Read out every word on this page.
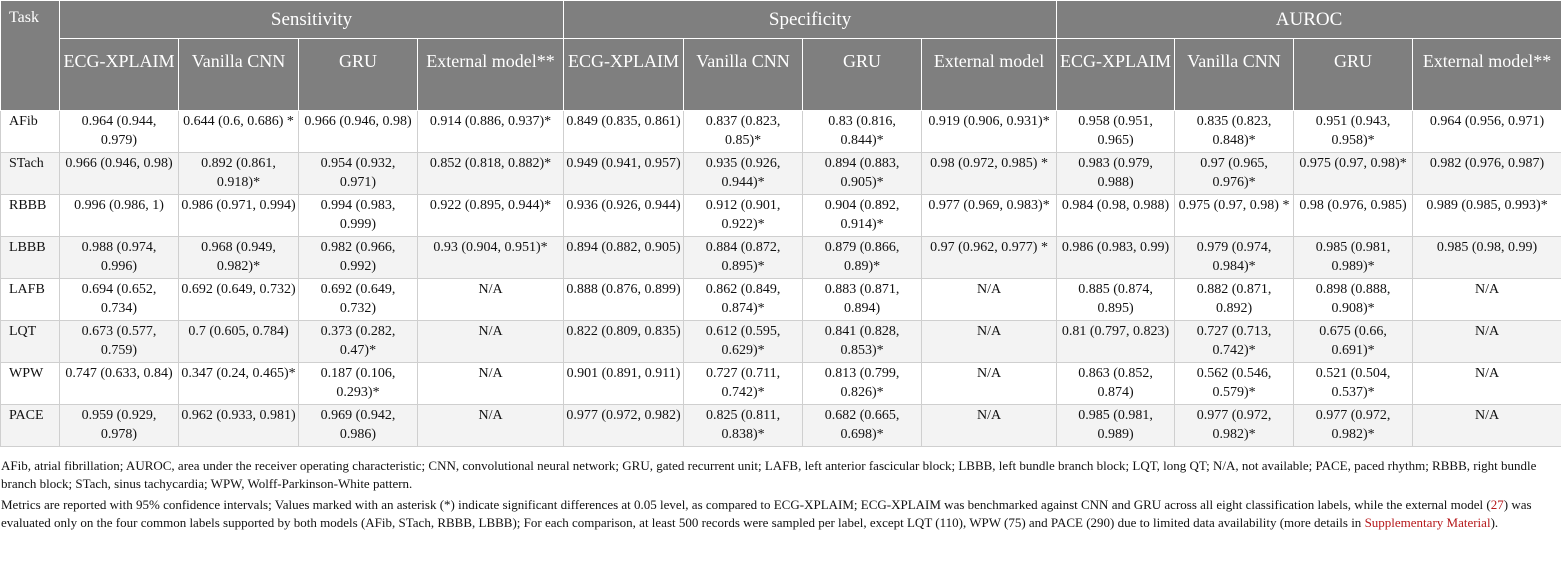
Task	Sensitivity				Specificity				AUROC			
	ECG-XPLAIM	Vanilla CNN	GRU	External model**	ECG-XPLAIM	Vanilla CNN	GRU	External model	ECG-XPLAIM	Vanilla CNN	GRU	External model**
AFib	0.964 (0.944, 0.979)	0.644 (0.6, 0.686) *	0.966 (0.946, 0.98)	0.914 (0.886, 0.937)*	0.849 (0.835, 0.861)	0.837 (0.823, 0.85)*	0.83 (0.816, 0.844)*	0.919 (0.906, 0.931)*	0.958 (0.951, 0.965)	0.835 (0.823, 0.848)*	0.951 (0.943, 0.958)*	0.964 (0.956, 0.971)
STach	0.966 (0.946, 0.98)	0.892 (0.861, 0.918)*	0.954 (0.932, 0.971)	0.852 (0.818, 0.882)*	0.949 (0.941, 0.957)	0.935 (0.926, 0.944)*	0.894 (0.883, 0.905)*	0.98 (0.972, 0.985) *	0.983 (0.979, 0.988)	0.97 (0.965, 0.976)*	0.975 (0.97, 0.98)*	0.982 (0.976, 0.987)
RBBB	0.996 (0.986, 1)	0.986 (0.971, 0.994)	0.994 (0.983, 0.999)	0.922 (0.895, 0.944)*	0.936 (0.926, 0.944)	0.912 (0.901, 0.922)*	0.904 (0.892, 0.914)*	0.977 (0.969, 0.983)*	0.984 (0.98, 0.988)	0.975 (0.97, 0.98) *	0.98 (0.976, 0.985)	0.989 (0.985, 0.993)*
LBBB	0.988 (0.974, 0.996)	0.968 (0.949, 0.982)*	0.982 (0.966, 0.992)	0.93 (0.904, 0.951)*	0.894 (0.882, 0.905)	0.884 (0.872, 0.895)*	0.879 (0.866, 0.89)*	0.97 (0.962, 0.977) *	0.986 (0.983, 0.99)	0.979 (0.974, 0.984)*	0.985 (0.981, 0.989)*	0.985 (0.98, 0.99)
LAFB	0.694 (0.652, 0.734)	0.692 (0.649, 0.732)	0.692 (0.649, 0.732)	N/A	0.888 (0.876, 0.899)	0.862 (0.849, 0.874)*	0.883 (0.871, 0.894)	N/A	0.885 (0.874, 0.895)	0.882 (0.871, 0.892)	0.898 (0.888, 0.908)*	N/A
LQT	0.673 (0.577, 0.759)	0.7 (0.605, 0.784)	0.373 (0.282, 0.47)*	N/A	0.822 (0.809, 0.835)	0.612 (0.595, 0.629)*	0.841 (0.828, 0.853)*	N/A	0.81 (0.797, 0.823)	0.727 (0.713, 0.742)*	0.675 (0.66, 0.691)*	N/A
WPW	0.747 (0.633, 0.84)	0.347 (0.24, 0.465)*	0.187 (0.106, 0.293)*	N/A	0.901 (0.891, 0.911)	0.727 (0.711, 0.742)*	0.813 (0.799, 0.826)*	N/A	0.863 (0.852, 0.874)	0.562 (0.546, 0.579)*	0.521 (0.504, 0.537)*	N/A
PACE	0.959 (0.929, 0.978)	0.962 (0.933, 0.981)	0.969 (0.942, 0.986)	N/A	0.977 (0.972, 0.982)	0.825 (0.811, 0.838)*	0.682 (0.665, 0.698)*	N/A	0.985 (0.981, 0.989)	0.977 (0.972, 0.982)*	0.977 (0.972, 0.982)*	N/A

AFib, atrial fibrillation; AUROC, area under the receiver operating characteristic; CNN, convolutional neural network; GRU, gated recurrent unit; LAFB, left anterior fascicular block; LBBB, left bundle branch block; LQT, long QT; N/A, not available; PACE, paced rhythm; RBBB, right bundle branch block; STach, sinus tachycardia; WPW, Wolff-Parkinson-White pattern.

Metrics are reported with 95% confidence intervals; Values marked with an asterisk (*) indicate significant differences at 0.05 level, as compared to ECG-XPLAIM; ECG-XPLAIM was benchmarked against CNN and GRU across all eight classification labels, while the external model (27) was evaluated only on the four common labels supported by both models (AFib, STach, RBBB, LBBB); For each comparison, at least 500 records were sampled per label, except LQT (110), WPW (75) and PACE (290) due to limited data availability (more details in Supplementary Material).
